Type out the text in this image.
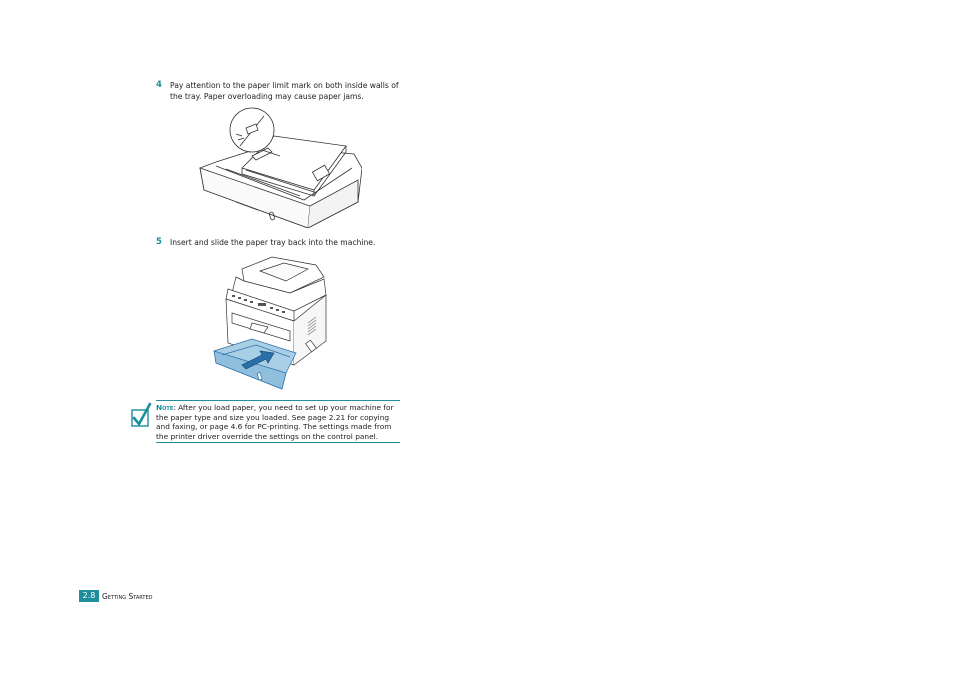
4 Pay attention to the paper limit mark on both inside walls of the tray. Paper overloading may cause paper jams.
5 Insert and slide the paper tray back into the machine.
Note: After you load paper, you need to set up your machine for the paper type and size you loaded. See page 2.21 for copying and faxing, or page 4.6 for PC-printing. The settings made from the printer driver override the settings on the control panel.
2.8 Getting Started
